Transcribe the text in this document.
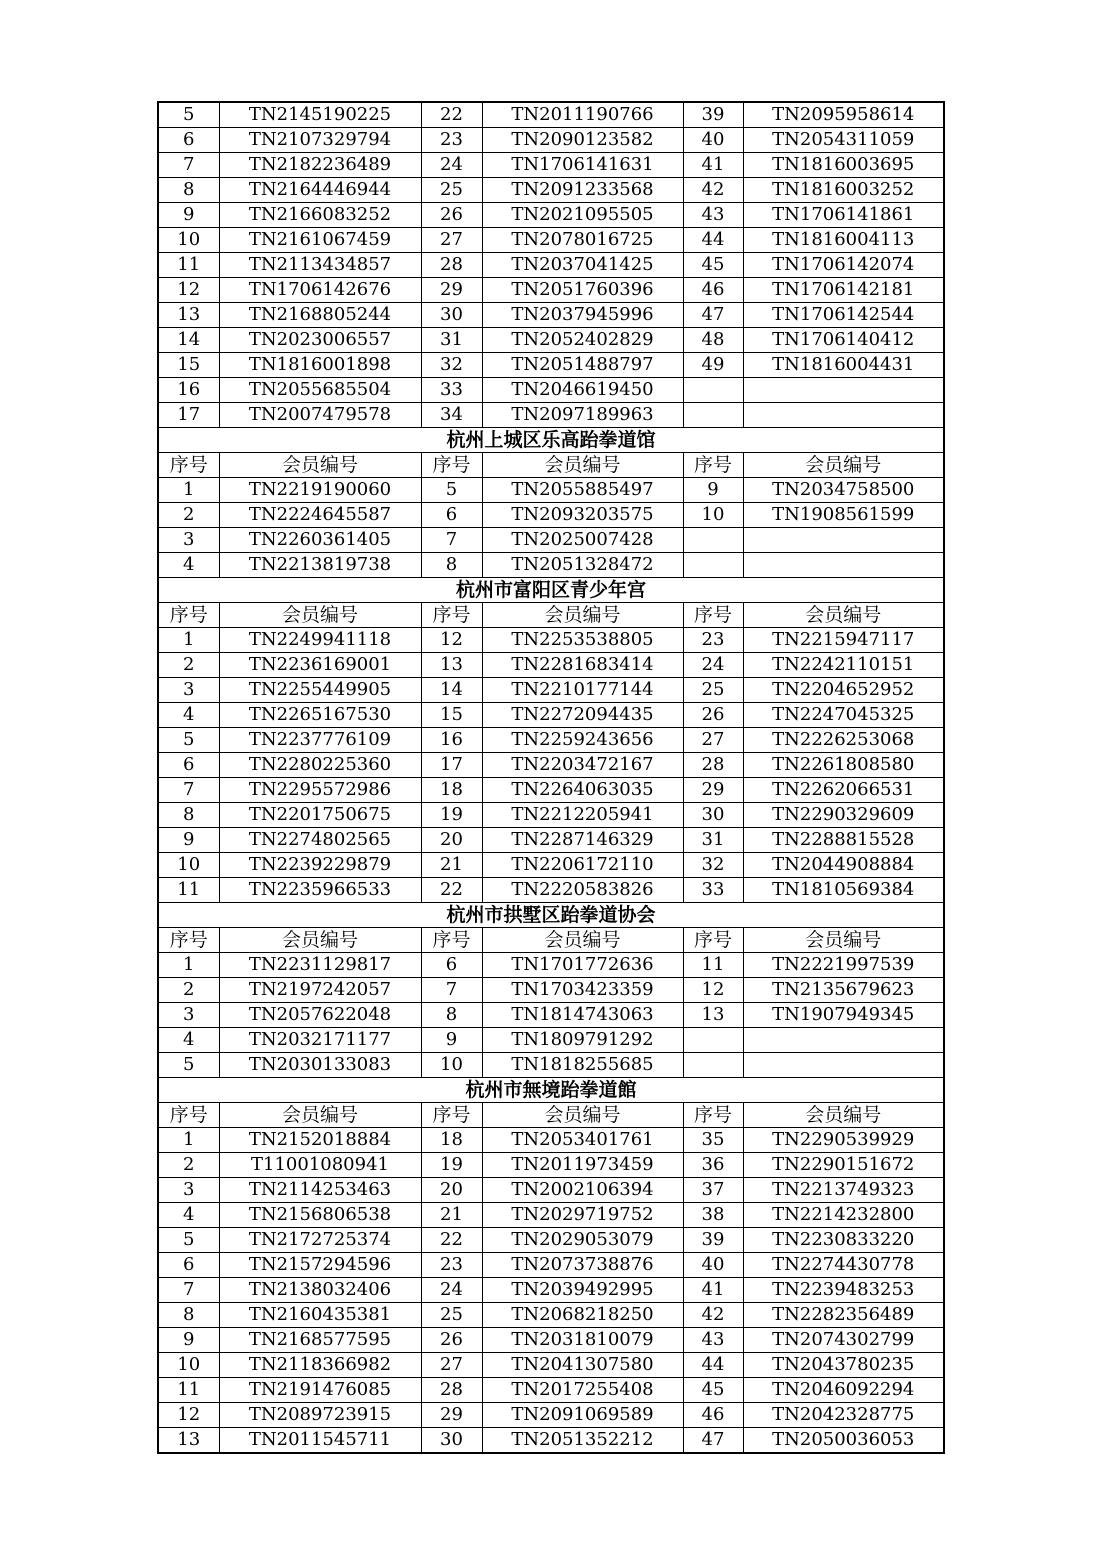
5	TN2145190225	22	TN2011190766	39	TN2095958614
6	TN2107329794	23	TN2090123582	40	TN2054311059
7	TN2182236489	24	TN1706141631	41	TN1816003695
8	TN2164446944	25	TN2091233568	42	TN1816003252
9	TN2166083252	26	TN2021095505	43	TN1706141861
10	TN2161067459	27	TN2078016725	44	TN1816004113
11	TN2113434857	28	TN2037041425	45	TN1706142074
12	TN1706142676	29	TN2051760396	46	TN1706142181
13	TN2168805244	30	TN2037945996	47	TN1706142544
14	TN2023006557	31	TN2052402829	48	TN1706140412
15	TN1816001898	32	TN2051488797	49	TN1816004431
16	TN2055685504	33	TN2046619450		
17	TN2007479578	34	TN2097189963		
杭州上城区乐高跆拳道馆					
序号	会员编号	序号	会员编号	序号	会员编号
1	TN2219190060	5	TN2055885497	9	TN2034758500
2	TN2224645587	6	TN2093203575	10	TN1908561599
3	TN2260361405	7	TN2025007428		
4	TN2213819738	8	TN2051328472		
杭州市富阳区青少年宫					
序号	会员编号	序号	会员编号	序号	会员编号
1	TN2249941118	12	TN2253538805	23	TN2215947117
2	TN2236169001	13	TN2281683414	24	TN2242110151
3	TN2255449905	14	TN2210177144	25	TN2204652952
4	TN2265167530	15	TN2272094435	26	TN2247045325
5	TN2237776109	16	TN2259243656	27	TN2226253068
6	TN2280225360	17	TN2203472167	28	TN2261808580
7	TN2295572986	18	TN2264063035	29	TN2262066531
8	TN2201750675	19	TN2212205941	30	TN2290329609
9	TN2274802565	20	TN2287146329	31	TN2288815528
10	TN2239229879	21	TN2206172110	32	TN2044908884
11	TN2235966533	22	TN2220583826	33	TN1810569384
杭州市拱墅区跆拳道协会					
序号	会员编号	序号	会员编号	序号	会员编号
1	TN2231129817	6	TN1701772636	11	TN2221997539
2	TN2197242057	7	TN1703423359	12	TN2135679623
3	TN2057622048	8	TN1814743063	13	TN1907949345
4	TN2032171177	9	TN1809791292		
5	TN2030133083	10	TN1818255685		
杭州市無境跆拳道館					
序号	会员编号	序号	会员编号	序号	会员编号
1	TN2152018884	18	TN2053401761	35	TN2290539929
2	T11001080941	19	TN2011973459	36	TN2290151672
3	TN2114253463	20	TN2002106394	37	TN2213749323
4	TN2156806538	21	TN2029719752	38	TN2214232800
5	TN2172725374	22	TN2029053079	39	TN2230833220
6	TN2157294596	23	TN2073738876	40	TN2274430778
7	TN2138032406	24	TN2039492995	41	TN2239483253
8	TN2160435381	25	TN2068218250	42	TN2282356489
9	TN2168577595	26	TN2031810079	43	TN2074302799
10	TN2118366982	27	TN2041307580	44	TN2043780235
11	TN2191476085	28	TN2017255408	45	TN2046092294
12	TN2089723915	29	TN2091069589	46	TN2042328775
13	TN2011545711	30	TN2051352212	47	TN2050036053
